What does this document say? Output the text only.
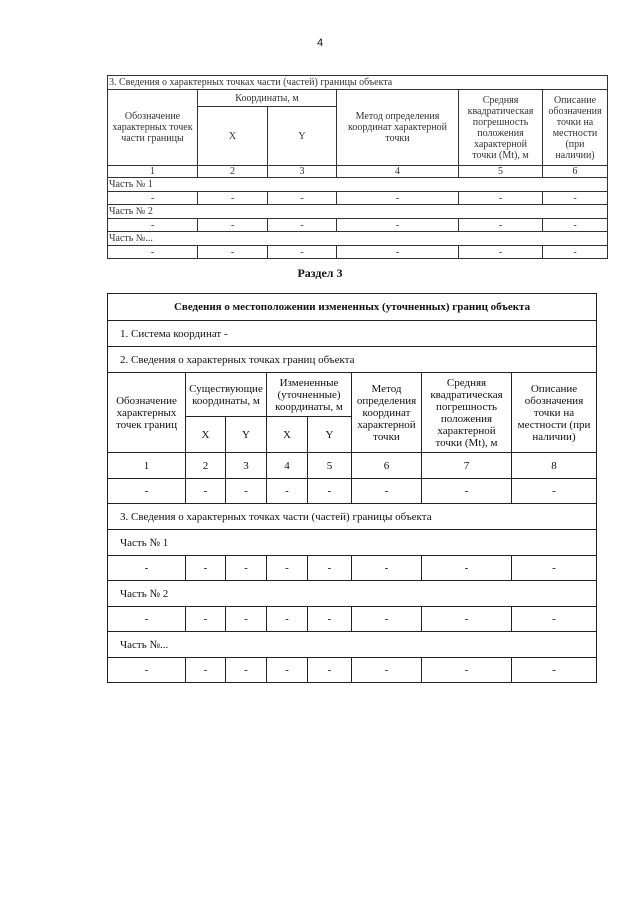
4
3. Сведения о характерных точках части (частей) границы объекта					
Обозначение характерных точек части границы	Координаты, м		Метод определения координат характерной точки	Средняя квадратическая погрешность положения характерной точки (Mt), м	Описание обозначения точки на местности (при наличии)
	X	Y			
1	2	3	4	5	6
Часть № 1					
-	-	-	-	-	-
Часть № 2					
-	-	-	-	-	-
Часть №...					
-	-	-	-	-	-
Раздел 3
Сведения о местоположении измененных (уточненных) границ объекта							
1. Система координат -							
2. Сведения о характерных точках границ объекта							
Обозначение характерных точек границ	Существующие координаты, м		Измененные (уточненные) координаты, м		Метод определения координат характерной точки	Средняя квадратическая погрешность положения характерной точки (Mt), м	Описание обозначения точки на местности (при наличии)
	X	Y	X	Y			
1	2	3	4	5	6	7	8
-	-	-	-	-	-	-	-
3. Сведения о характерных точках части (частей) границы объекта							
Часть № 1							
-	-	-	-	-	-	-	-
Часть № 2							
-	-	-	-	-	-	-	-
Часть №...							
-	-	-	-	-	-	-	-
